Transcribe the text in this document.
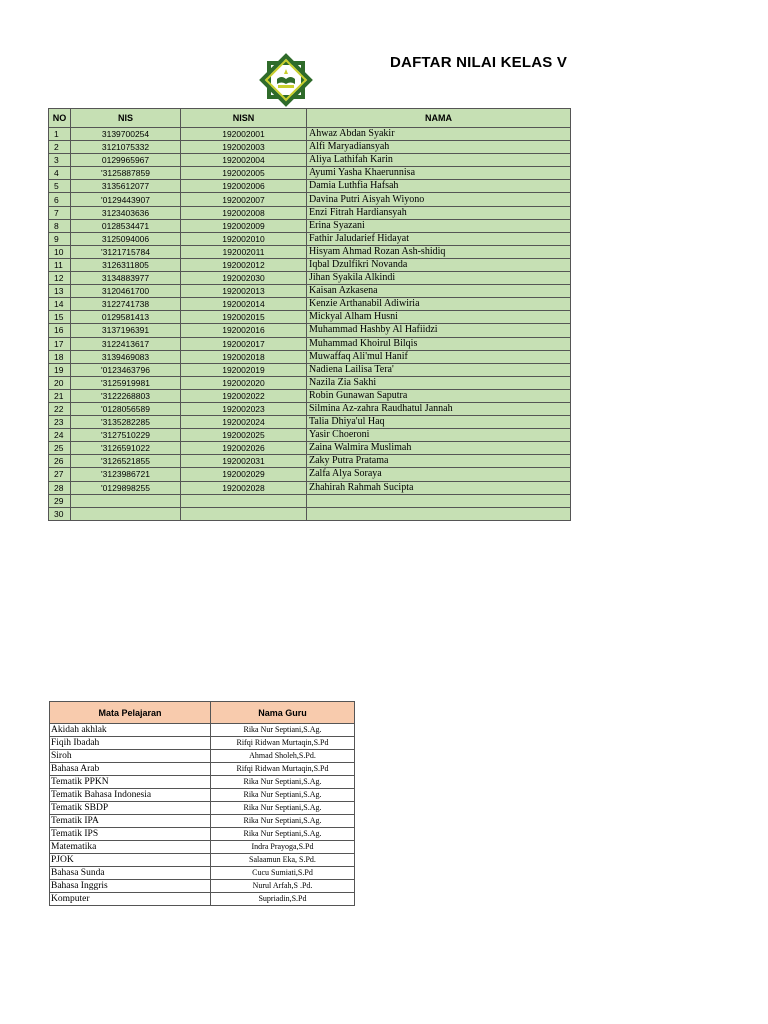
DAFTAR NILAI KELAS V
NO	NIS	NISN	NAMA
1	3139700254	192002001	Ahwaz Abdan Syakir
2	3121075332	192002003	Alfi Maryadiansyah
3	0129965967	192002004	Aliya Lathifah Karin
4	'3125887859	192002005	Ayumi Yasha Khaerunnisa
5	3135612077	192002006	Damia Luthfia Hafsah
6	'0129443907	192002007	Davina Putri Aisyah Wiyono
7	3123403636	192002008	Enzi Fitrah Hardiansyah
8	0128534471	192002009	Erina Syazani
9	3125094006	192002010	Fathir Jaludarief Hidayat
10	'3121715784	192002011	Hisyam Ahmad Rozan Ash-shidiq
11	3126311805	192002012	Iqbal Dzulfikri Novanda
12	3134883977	192002030	Jihan Syakila Alkindi
13	3120461700	192002013	Kaisan Azkasena
14	3122741738	192002014	Kenzie Arthanabil Adiwiria
15	0129581413	192002015	Mickyal Alham Husni
16	3137196391	192002016	Muhammad Hashby Al Hafiidzi
17	3122413617	192002017	Muhammad Khoirul Bilqis
18	3139469083	192002018	Muwaffaq Ali'mul Hanif
19	'0123463796	192002019	Nadiena Lailisa Tera'
20	'3125919981	192002020	Nazila Zia Sakhi
21	'3122268803	192002022	Robin Gunawan Saputra
22	'0128056589	192002023	Silmina Az-zahra Raudhatul Jannah
23	'3135282285	192002024	Talia Dhiya'ul Haq
24	'3127510229	192002025	Yasir Choeroni
25	'3126591022	192002026	Zaina Walmira Muslimah
26	'3126521855	192002031	Zaky Putra Pratama
27	'3123986721	192002029	Zalfa Alya Soraya
28	'0129898255	192002028	Zhahirah Rahmah Sucipta
29			
30			
Mata Pelajaran	Nama Guru
Akidah akhlak	Rika Nur Septiani,S.Ag.
Fiqih Ibadah	Rifqi Ridwan Murtaqin,S.Pd
Siroh	Ahmad Sholeh,S.Pd.
Bahasa Arab	Rifqi Ridwan Murtaqin,S.Pd
Tematik PPKN	Rika Nur Septiani,S.Ag.
Tematik Bahasa Indonesia	Rika Nur Septiani,S.Ag.
Tematik SBDP	Rika Nur Septiani,S.Ag.
Tematik IPA	Rika Nur Septiani,S.Ag.
Tematik IPS	Rika Nur Septiani,S.Ag.
Matematika	Indra Prayoga,S.Pd
PJOK	Salaamun Eka, S.Pd.
Bahasa Sunda	Cucu Sumiati,S.Pd
Bahasa Inggris	Nurul Arfah,S .Pd.
Komputer	Supriadin,S.Pd
